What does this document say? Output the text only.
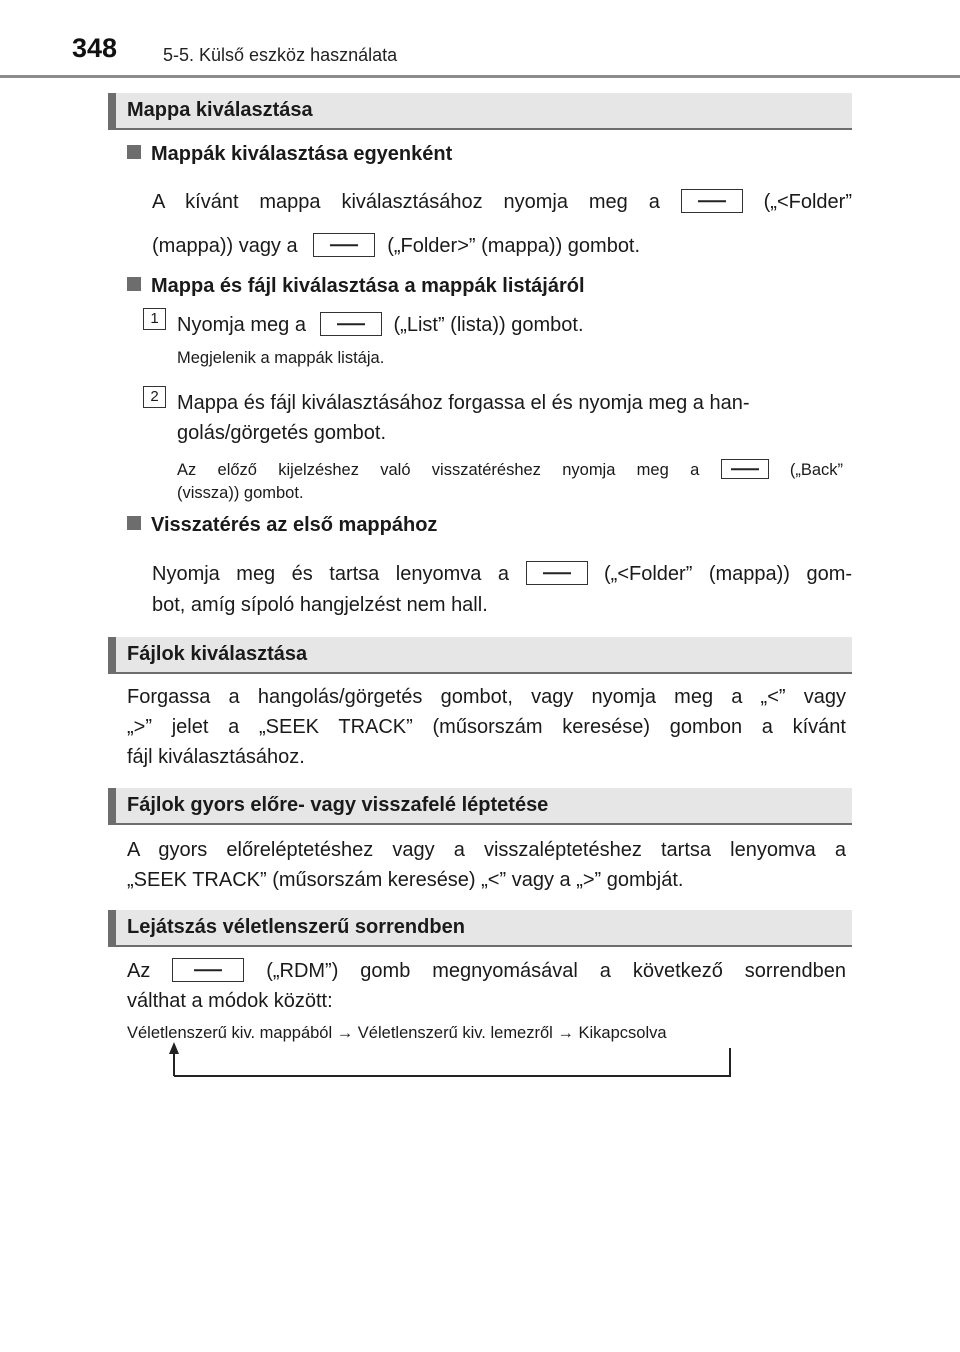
348	5-5. Külső eszköz használata
Mappa kiválasztása
Mappák kiválasztása egyenként
A kívánt mappa kiválasztásához nyomja meg a	(„<Folder”
(mappa)) vagy a	(„Folder>” (mappa)) gombot.
Mappa és fájl kiválasztása a mappák listájáról
1 Nyomja meg a	(„List” (lista)) gombot.
Megjelenik a mappák listája.
2 Mappa és fájl kiválasztásához forgassa el és nyomja meg a han-
golás/görgetés gombot.
Az előző kijelzéshez való visszatéréshez nyomja meg a	(„Back”
(vissza)) gombot.
Visszatérés az első mappához
Nyomja meg és tartsa lenyomva a	(„<Folder” (mappa)) gom-
bot, amíg sípoló hangjelzést nem hall.
Fájlok kiválasztása
Forgassa a hangolás/görgetés gombot, vagy nyomja meg a „<” vagy
„>” jelet a „SEEK TRACK” (műsorszám keresése) gombon a kívánt
fájl kiválasztásához.
Fájlok gyors előre- vagy visszafelé léptetése
A gyors előreléptetéshez vagy a visszaléptetéshez tartsa lenyomva a
„SEEK TRACK” (műsorszám keresése) „<” vagy a „>” gombját.
Lejátszás véletlenszerű sorrendben
Az	(„RDM”) gomb megnyomásával a következő sorrendben
válthat a módok között:
Véletlenszerű kiv. mappából → Véletlenszerű kiv. lemezről → Kikapcsolva
